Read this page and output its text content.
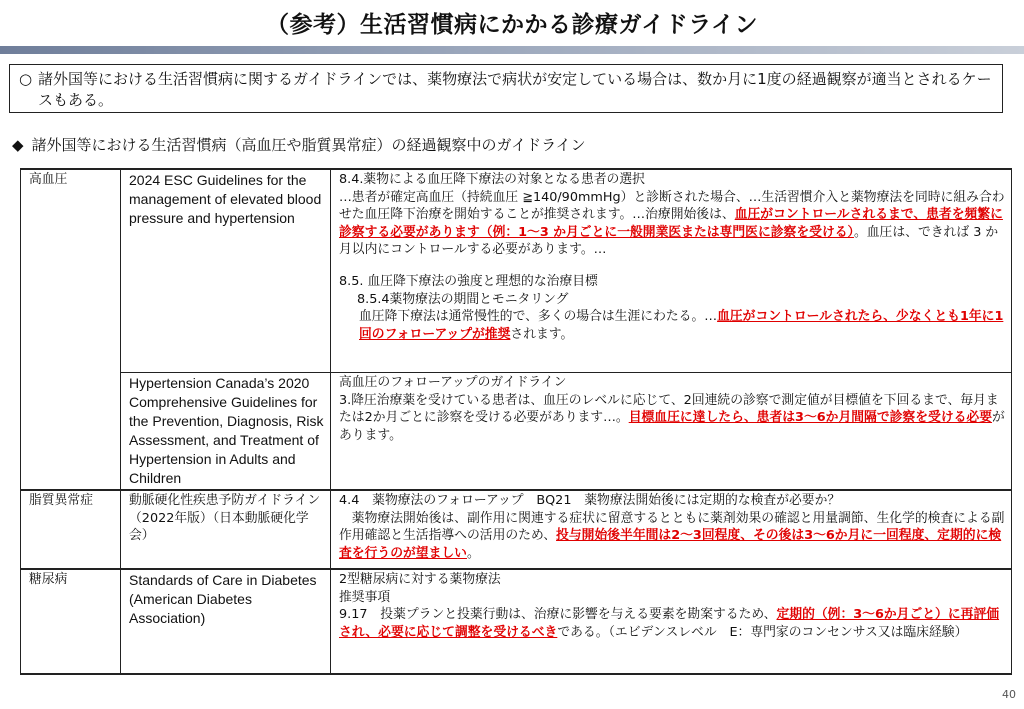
（参考）生活習慣病にかかる診療ガイドライン
○ 諸外国等における生活習慣病に関するガイドラインでは、薬物療法で病状が安定している場合は、数か月に1度の経過観察が適当とされるケースもある。
◆ 諸外国等における生活習慣病（高血圧や脂質異常症）の経過観察中のガイドライン
高血圧	2024 ESC Guidelines for the management of elevated blood pressure and hypertension	8.4.薬物による血圧降下療法の対象となる患者の選択

…患者が確定高血圧（持続血圧 ≧140/90mmHg）と診断された場合、…生活習慣介入と薬物療法を同時に組み合わせた血圧降下治療を開始することが推奨されます。…治療開始後は、血圧がコントロールされるまで、患者を頻繁に診察する必要があります（例：1～3 か月ごとに一般開業医または専門医に診察を受ける）。血圧は、できれば 3 か月以内にコントロールする必要があります。…

8.5. 血圧降下療法の強度と理想的な治療目標

8.5.4薬物療法の期間とモニタリング

血圧降下療法は通常慢性的で、多くの場合は生涯にわたる。…血圧がコントロールされたら、少なくとも1年に1回のフォローアップが推奨されます。

	Hypertension Canada’s 2020 Comprehensive Guidelines for the Prevention, Diagnosis, Risk Assessment, and Treatment of Hypertension in Adults and Children	高血圧のフォローアップのガイドライン

3.降圧治療薬を受けている患者は、血圧のレベルに応じて、2回連続の診察で測定値が目標値を下回るまで、毎月または2か月ごとに診察を受ける必要があります…。目標血圧に達したら、患者は3～6か月間隔で診察を受ける必要があります。

脂質異常症	動脈硬化性疾患予防ガイドライン（2022年版）（日本動脈硬化学会）	4.4　薬物療法のフォローアップ　BQ21　薬物療法開始後には定期的な検査が必要か？

薬物療法開始後は、副作用に関連する症状に留意するとともに薬剤効果の確認と用量調節、生化学的検査による副作用確認と生活指導への活用のため、投与開始後半年間は2～3回程度、その後は3～6か月に一回程度、定期的に検査を行うのが望ましい。

糖尿病	Standards of Care in Diabetes (American Diabetes Association)	2型糖尿病に対する薬物療法

推奨事項

9.17　投薬プランと投薬行動は、治療に影響を与える要素を勘案するため、定期的（例：3～6か月ごと）に再評価され、必要に応じて調整を受けるべきである。（エビデンスレベル　E：専門家のコンセンサス又は臨床経験）

40
